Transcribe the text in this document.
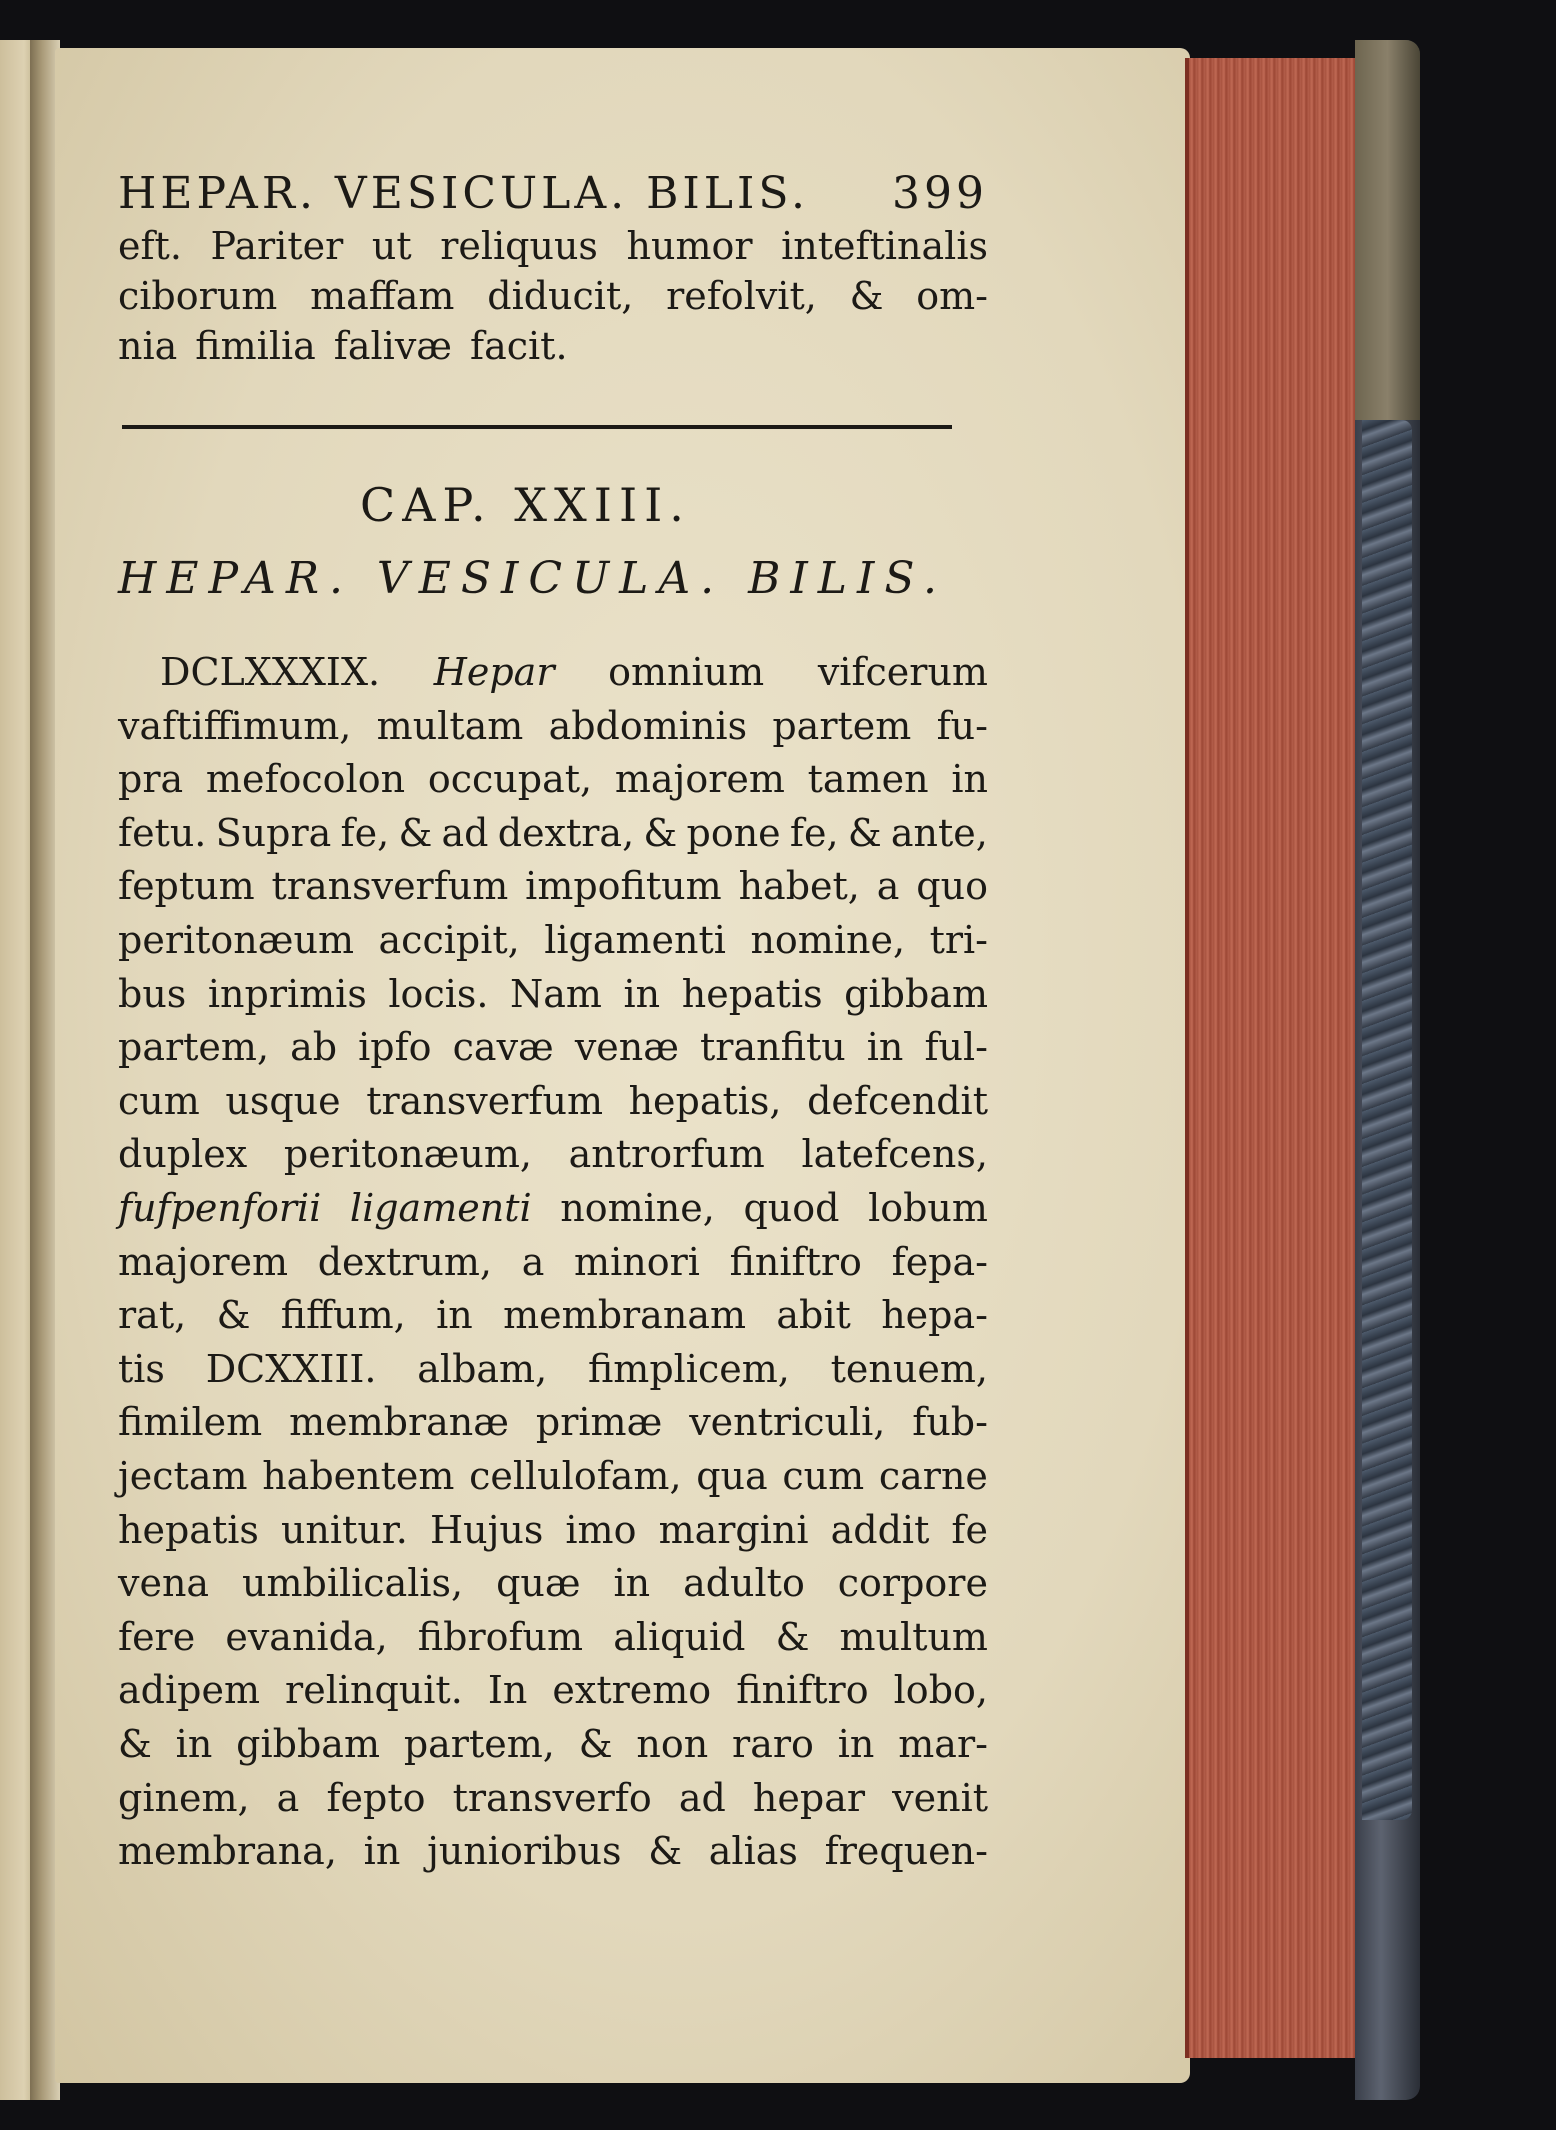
HEPAR. VESICULA. BILIS. 399
eft. Pariter ut reliquus humor inteftinalis
ciborum maffam diducit, refolvit, & om-
nia fimilia falivæ facit.
CAP. XXIII.
HEPAR. VESICULA. BILIS.
DCLXXXIX. Hepar omnium vifcerum
vaftiffimum, multam abdominis partem fu-
pra mefocolon occupat, majorem tamen in
fetu. Supra fe, & ad dextra, & pone fe, & ante,
feptum transverfum impofitum habet, a quo
peritonæum accipit, ligamenti nomine, tri-
bus inprimis locis. Nam in hepatis gibbam
partem, ab ipfo cavæ venæ tranfitu in ful-
cum usque transverfum hepatis, defcendit
duplex peritonæum, antrorfum latefcens,
fufpenforii ligamenti nomine, quod lobum
majorem dextrum, a minori finiftro fepa-
rat, & fiffum, in membranam abit hepa-
tis DCXXIII. albam, fimplicem, tenuem,
fimilem membranæ primæ ventriculi, fub-
jectam habentem cellulofam, qua cum carne
hepatis unitur. Hujus imo margini addit fe
vena umbilicalis, quæ in adulto corpore
fere evanida, fibrofum aliquid & multum
adipem relinquit. In extremo finiftro lobo,
& in gibbam partem, & non raro in mar-
ginem, a fepto transverfo ad hepar venit
membrana, in junioribus & alias frequen-
